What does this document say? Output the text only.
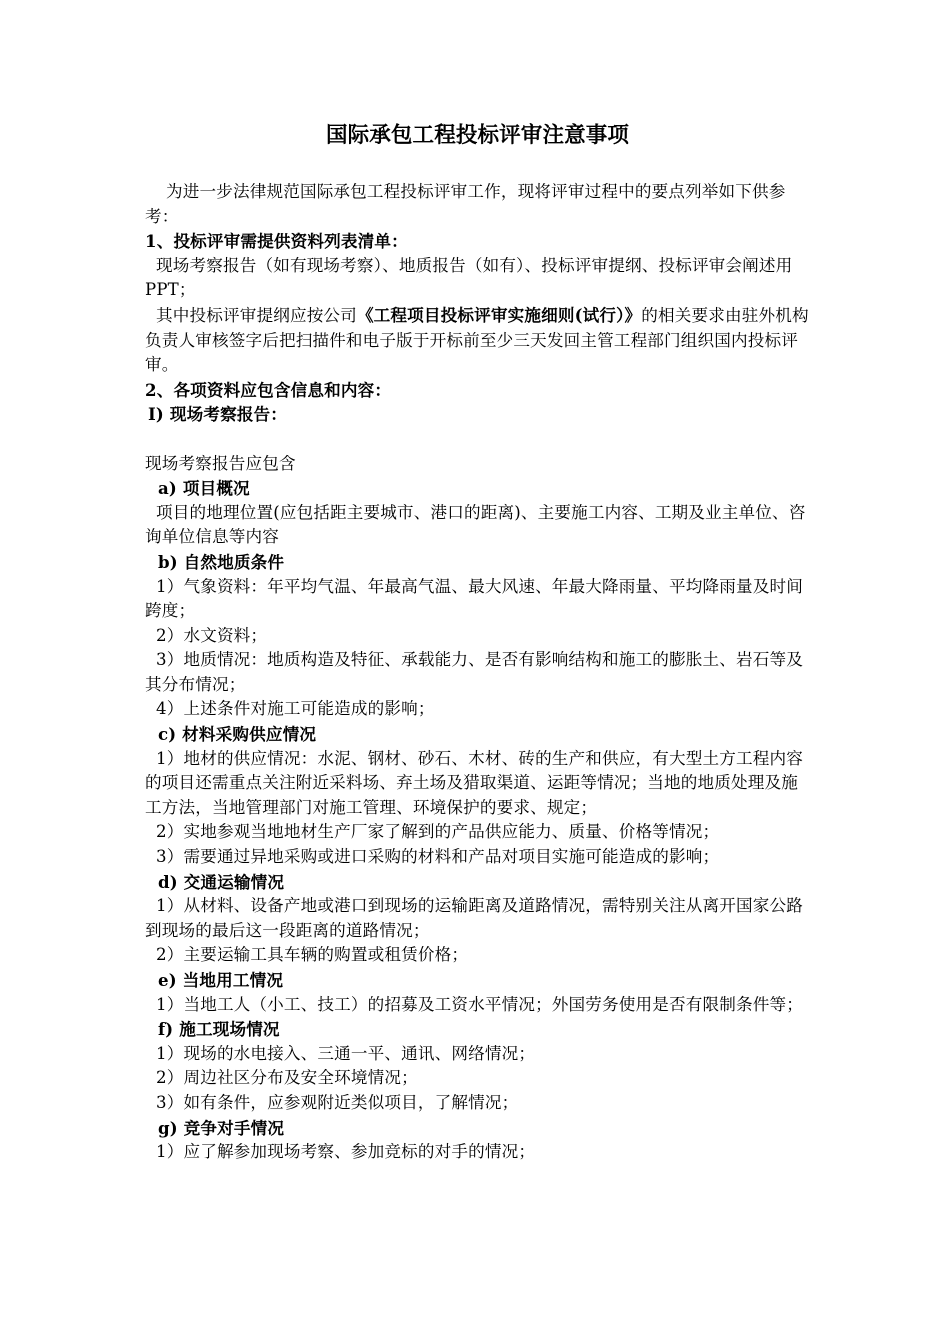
国际承包工程投标评审注意事项

为进一步法律规范国际承包工程投标评审工作，现将评审过程中的要点列举如下供参考：

1、投标评审需提供资料列表清单：

现场考察报告（如有现场考察）、地质报告（如有）、投标评审提纲、投标评审会阐述用PPT；

其中投标评审提纲应按公司《工程项目投标评审实施细则(试行）》的相关要求由驻外机构负责人审核签字后把扫描件和电子版于开标前至少三天发回主管工程部门组织国内投标评审。

2、各项资料应包含信息和内容：

I) 现场考察报告：

现场考察报告应包含

a) 项目概况

项目的地理位置(应包括距主要城市、港口的距离)、主要施工内容、工期及业主单位、咨询单位信息等内容

b) 自然地质条件

1）气象资料：年平均气温、年最高气温、最大风速、年最大降雨量、平均降雨量及时间跨度；

2）水文资料；

3）地质情况：地质构造及特征、承载能力、是否有影响结构和施工的膨胀土、岩石等及其分布情况；

4）上述条件对施工可能造成的影响；

c) 材料采购供应情况

1）地材的供应情况：水泥、钢材、砂石、木材、砖的生产和供应，有大型土方工程内容的项目还需重点关注附近采料场、弃土场及猎取渠道、运距等情况；当地的地质处理及施工方法，当地管理部门对施工管理、环境保护的要求、规定；

2）实地参观当地地材生产厂家了解到的产品供应能力、质量、价格等情况；

3）需要通过异地采购或进口采购的材料和产品对项目实施可能造成的影响；

d) 交通运输情况

1）从材料、设备产地或港口到现场的运输距离及道路情况，需特别关注从离开国家公路到现场的最后这一段距离的道路情况；

2）主要运输工具车辆的购置或租赁价格；

e) 当地用工情况

1）当地工人（小工、技工）的招募及工资水平情况；外国劳务使用是否有限制条件等；

f) 施工现场情况

1）现场的水电接入、三通一平、通讯、网络情况；

2）周边社区分布及安全环境情况；

3）如有条件，应参观附近类似项目，了解情况；

g) 竞争对手情况

1）应了解参加现场考察、参加竞标的对手的情况；
